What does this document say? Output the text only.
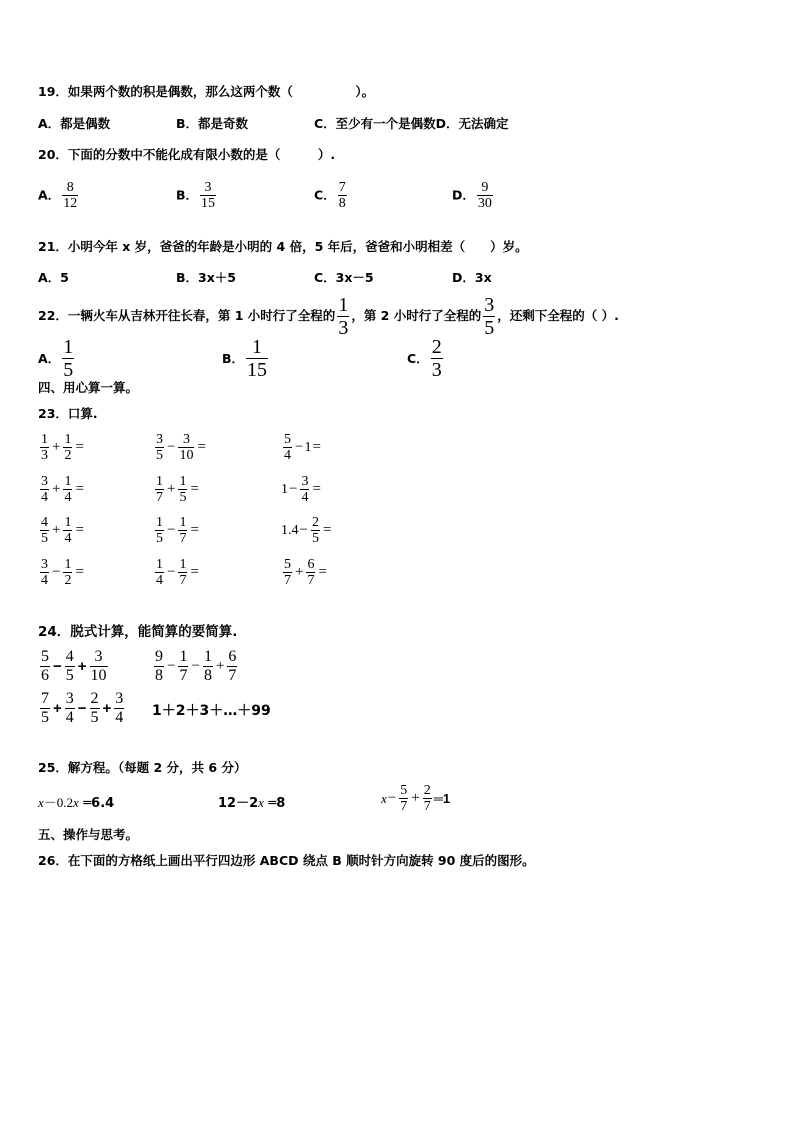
19．如果两个数的积是偶数，那么这两个数（　　　　　）。
A．都是偶数	B．都是奇数	C．至少有一个是偶数D．无法确定
20．下面的分数中不能化成有限小数的是（　　　）.
A． $\frac{8}{12}$	B． $\frac{3}{15}$	C． $\frac{7}{8}$	D． $\frac{9}{30}$
21．小明今年 x 岁，爸爸的年龄是小明的 4 倍，5 年后，爸爸和小明相差（　　）岁。
A．5	B．3x＋5	C．3x－5	D．3x
22．一辆火车从吉林开往长春，第 1 小时行了全程的 $\frac{1}{3}$ ，第 2 小时行了全程的 $\frac{3}{5}$ ，还剩下全程的（ ）.
A． $\frac{1}{5}$	B． $\frac{1}{15}$	C． $\frac{2}{3}$
四、用心算一算。
23．口算.
$\frac{1}{3} + \frac{1}{2}$ =	$\frac{3}{5} - \frac{3}{10}$ =	$\frac{5}{4} - 1$ =
$\frac{3}{4} + \frac{1}{4}$ =	$\frac{1}{7} + \frac{1}{5}$ =	$1 - \frac{3}{4}$ =
$\frac{4}{5} + \frac{1}{4}$ =	$\frac{1}{5} - \frac{1}{7}$ =	$1.4 - \frac{2}{5}$ =
$\frac{3}{4} - \frac{1}{2}$ =	$\frac{1}{4} - \frac{1}{7}$ =	$\frac{5}{7} + \frac{6}{7}$ =
24．脱式计算，能简算的要简算.
$\frac{5}{6} - \frac{4}{5} + \frac{3}{10}$	$\frac{9}{8} - \frac{1}{7} - \frac{1}{8} + \frac{6}{7}$
$\frac{7}{5} + \frac{3}{4} - \frac{2}{5} + \frac{3}{4}$ 1＋2＋3＋…＋99
25．解方程。（每题 2 分，共 6 分）
x－0.2x ═6.4	12－2x ═8	$x - \frac{5}{7} + \frac{2}{7}$ ═1
五、操作与思考。
26．在下面的方格纸上画出平行四边形 ABCD 绕点 B 顺时针方向旋转 90 度后的图形。
